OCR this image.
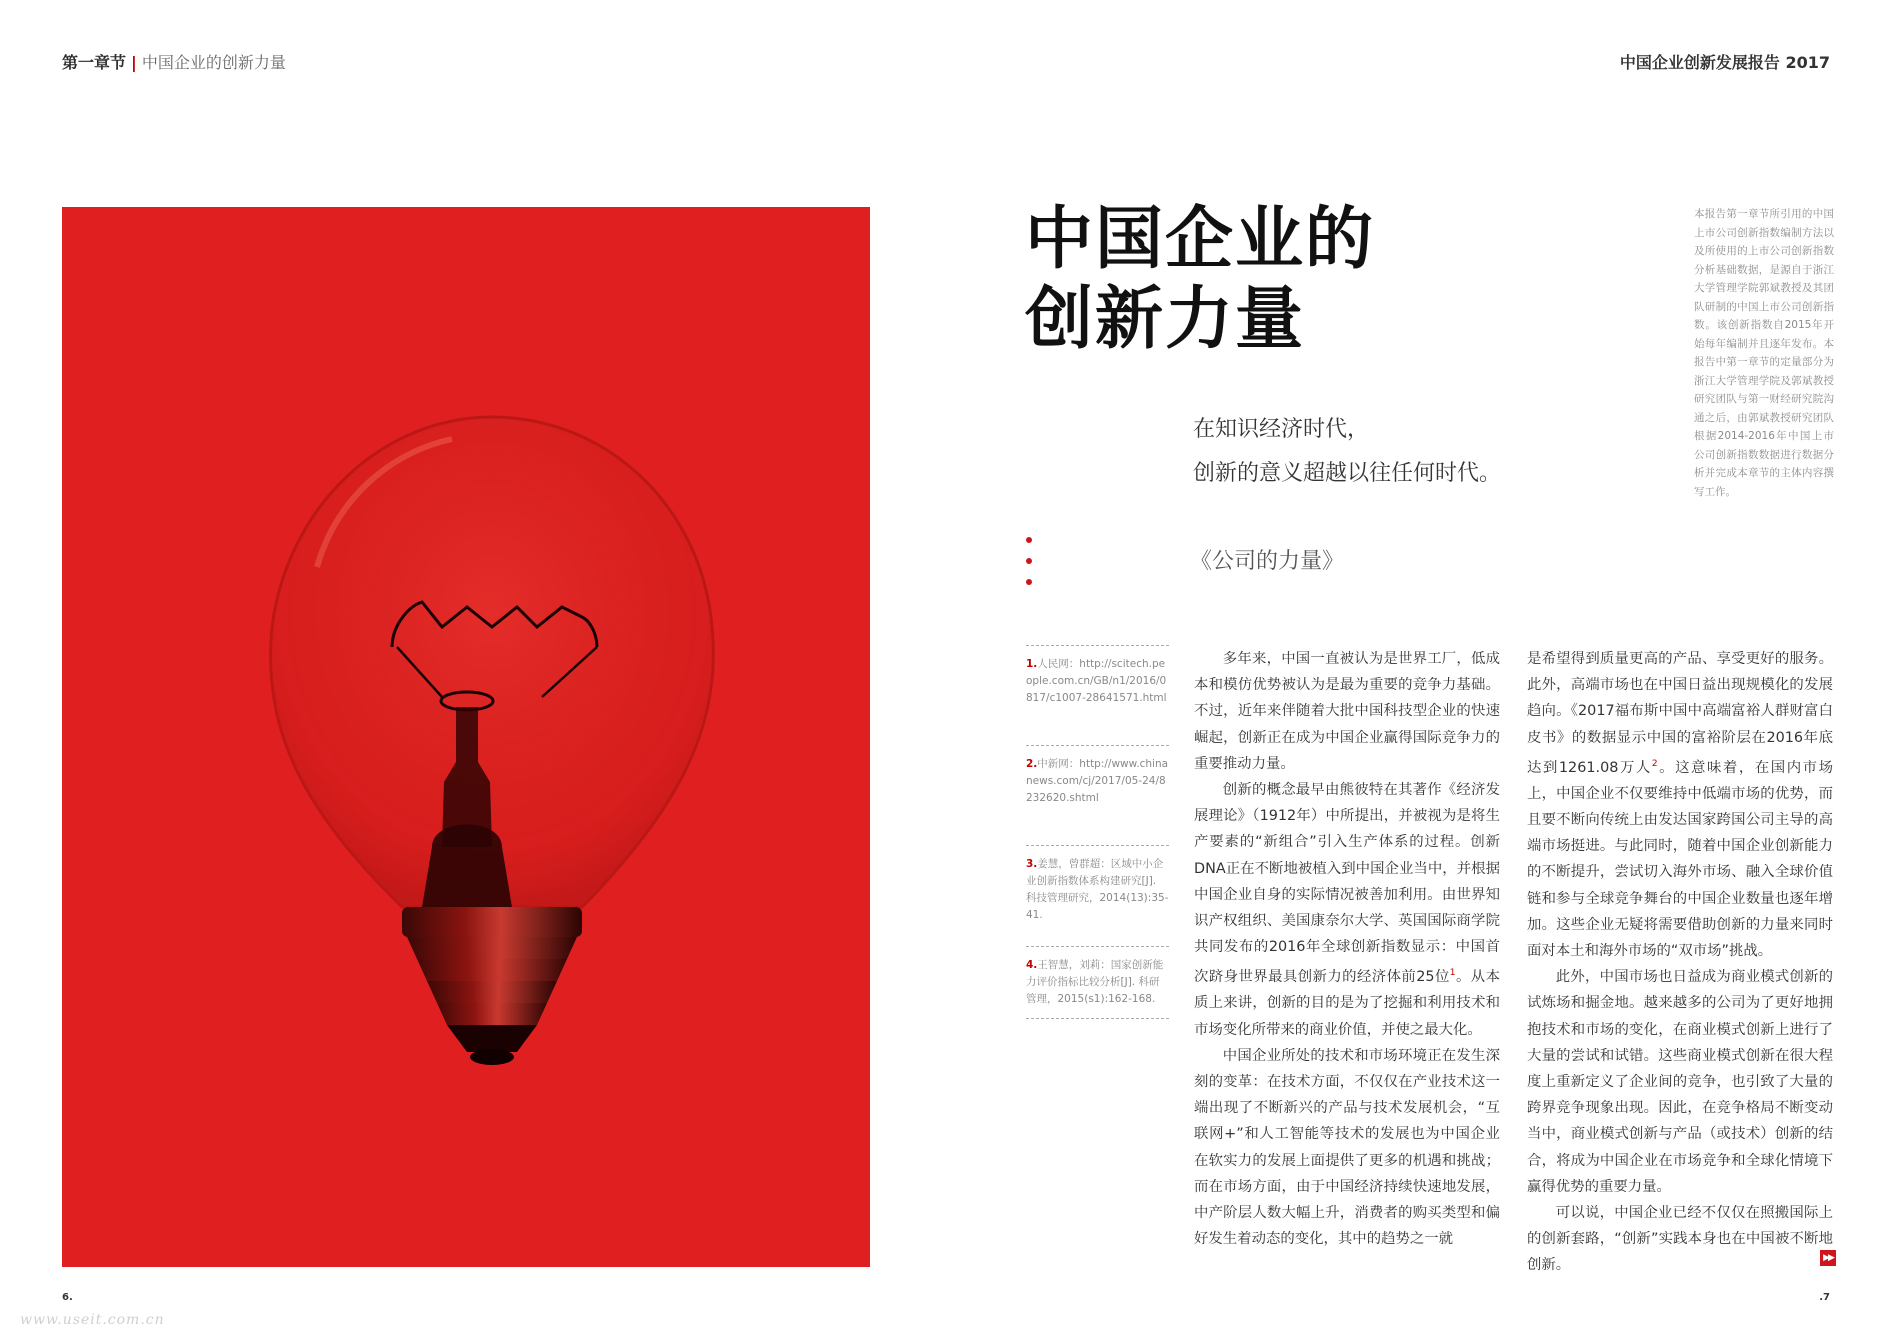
第一章节 | 中国企业的创新力量	中国企业创新发展报告 2017
中国企业的
创新力量
本报告第一章节所引用的中国上市公司创新指数编制方法以及所使用的上市公司创新指数分析基础数据，是源自于浙江大学管理学院郭斌教授及其团队研制的中国上市公司创新指数。该创新指数自2015年开始每年编制并且逐年发布。本报告中第一章节的定量部分为浙江大学管理学院及郭斌教授研究团队与第一财经研究院沟通之后，由郭斌教授研究团队根据2014-2016年中国上市公司创新指数数据进行数据分析并完成本章节的主体内容撰写工作。
在知识经济时代，
创新的意义超越以往任何时代。
《公司的力量》
1.人民网：http://scitech.people.com.cn/GB/n1/2016/0817/c1007-28641571.html
2.中新网：http://www.chinanews.com/cj/2017/05-24/8232620.shtml
3.姜慧，曾群超：区域中小企业创新指数体系构建研究[J]. 科技管理研究，2014(13):35-41.
4.王智慧，刘莉：国家创新能力评价指标比较分析[J]. 科研管理，2015(s1):162-168.

多年来，中国一直被认为是世界工厂，低成本和模仿优势被认为是最为重要的竞争力基础。不过，近年来伴随着大批中国科技型企业的快速崛起，创新正在成为中国企业赢得国际竞争力的重要推动力量。

创新的概念最早由熊彼特在其著作《经济发展理论》（1912年）中所提出，并被视为是将生产要素的“新组合”引入生产体系的过程。创新DNA正在不断地被植入到中国企业当中，并根据中国企业自身的实际情况被善加利用。由世界知识产权组织、美国康奈尔大学、英国国际商学院共同发布的2016年全球创新指数显示：中国首次跻身世界最具创新力的经济体前25位$^1$。从本质上来讲，创新的目的是为了挖掘和利用技术和市场变化所带来的商业价值，并使之最大化。

中国企业所处的技术和市场环境正在发生深刻的变革：在技术方面，不仅仅在产业技术这一端出现了不断新兴的产品与技术发展机会，“互联网+”和人工智能等技术的发展也为中国企业在软实力的发展上面提供了更多的机遇和挑战；而在市场方面，由于中国经济持续快速地发展，中产阶层人数大幅上升，消费者的购买类型和偏好发生着动态的变化，其中的趋势之一就

是希望得到质量更高的产品、享受更好的服务。此外，高端市场也在中国日益出现规模化的发展趋向。《2017福布斯中国中高端富裕人群财富白皮书》的数据显示中国的富裕阶层在2016年底达到1261.08万人$^2$。这意味着，在国内市场上，中国企业不仅要维持中低端市场的优势，而且要不断向传统上由发达国家跨国公司主导的高端市场挺进。与此同时，随着中国企业创新能力的不断提升，尝试切入海外市场、融入全球价值链和参与全球竞争舞台的中国企业数量也逐年增加。这些企业无疑将需要借助创新的力量来同时面对本土和海外市场的“双市场”挑战。

此外，中国市场也日益成为商业模式创新的试炼场和掘金地。越来越多的公司为了更好地拥抱技术和市场的变化，在商业模式创新上进行了大量的尝试和试错。这些商业模式创新在很大程度上重新定义了企业间的竞争，也引致了大量的跨界竞争现象出现。因此，在竞争格局不断变动当中，商业模式创新与产品（或技术）创新的结合，将成为中国企业在市场竞争和全球化情境下赢得优势的重要力量。

可以说，中国企业已经不仅仅在照搬国际上的创新套路，“创新”实践本身也在中国被不断地创新。	▶▶
6.	.7
www.useit.com.cn
